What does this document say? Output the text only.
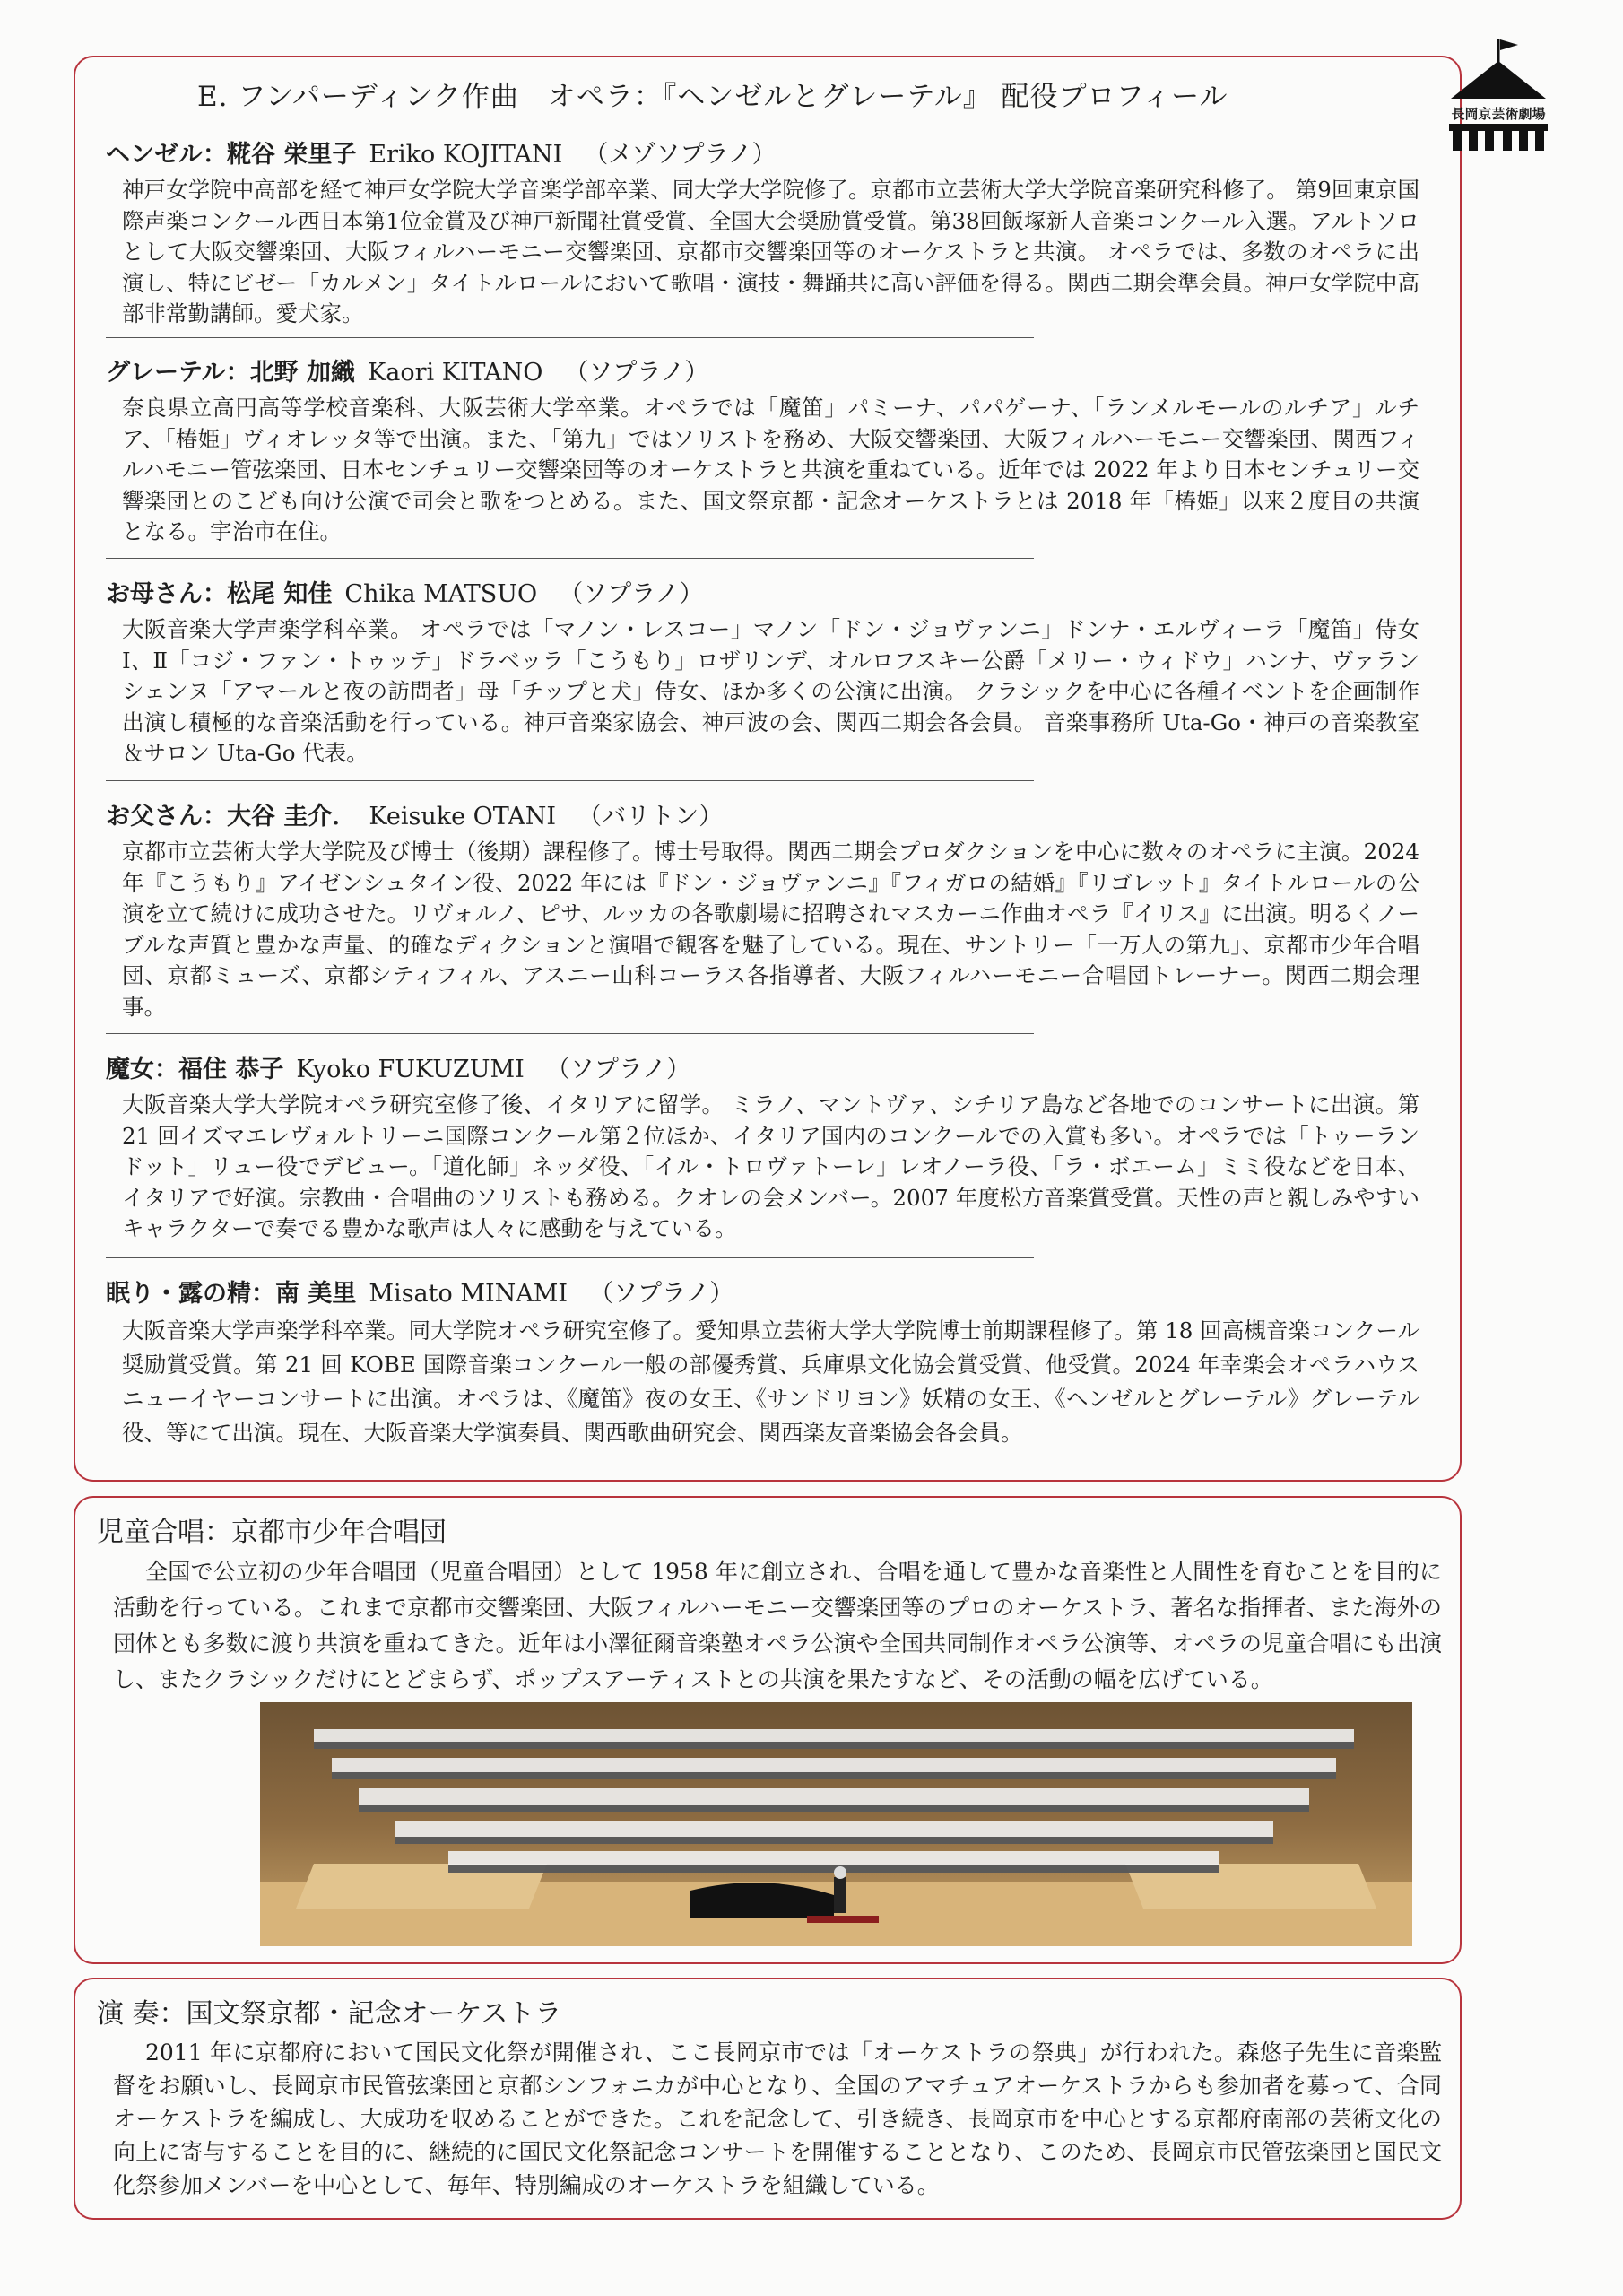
長岡京芸術劇場
E. フンパーディンク作曲　オペラ：『ヘンゼルとグレーテル』 配役プロフィール
ヘンゼル：糀谷 栄里子 Eriko KOJITANI （メゾソプラノ）
神戸女学院中高部を経て神戸女学院大学音楽学部卒業、同大学大学院修了。京都市立芸術大学大学院音楽研究科修了。 第9回東京国際声楽コンクール西日本第1位金賞及び神戸新聞社賞受賞、全国大会奨励賞受賞。第38回飯塚新人音楽コンクール入選。アルトソロとして大阪交響楽団、大阪フィルハーモニー交響楽団、京都市交響楽団等のオーケストラと共演。 オペラでは、多数のオペラに出演し、特にビゼー「カルメン」タイトルロールにおいて歌唱・演技・舞踊共に高い評価を得る。関西二期会準会員。神戸女学院中高部非常勤講師。愛犬家。
グレーテル：北野 加織 Kaori KITANO （ソプラノ）
奈良県立高円高等学校音楽科、大阪芸術大学卒業。オペラでは「魔笛」パミーナ、パパゲーナ、「ランメルモールのルチア」ルチア、「椿姫」ヴィオレッタ等で出演。また、「第九」ではソリストを務め、大阪交響楽団、大阪フィルハーモニー交響楽団、関西フィルハモニー管弦楽団、日本センチュリー交響楽団等のオーケストラと共演を重ねている。近年では 2022 年より日本センチュリー交響楽団とのこども向け公演で司会と歌をつとめる。また、国文祭京都・記念オーケストラとは 2018 年「椿姫」以来２度目の共演となる。宇治市在住。
お母さん：松尾 知佳 Chika MATSUO （ソプラノ）
大阪音楽大学声楽学科卒業。 オペラでは「マノン・レスコー」マノン「ドン・ジョヴァンニ」ドンナ・エルヴィーラ「魔笛」侍女Ⅰ、Ⅱ「コジ・ファン・トゥッテ」ドラベッラ「こうもり」ロザリンデ、オルロフスキー公爵「メリー・ウィドウ」ハンナ、ヴァランシェンヌ「アマールと夜の訪問者」母「チップと犬」侍女、ほか多くの公演に出演。 クラシックを中心に各種イベントを企画制作出演し積極的な音楽活動を行っている。神戸音楽家協会、神戸波の会、関西二期会各会員。 音楽事務所 Uta-Go・神戸の音楽教室＆サロン Uta-Go 代表。
お父さん：大谷 圭介． Keisuke OTANI （バリトン）
京都市立芸術大学大学院及び博士（後期）課程修了。博士号取得。関西二期会プロダクションを中心に数々のオペラに主演。2024 年『こうもり』アイゼンシュタイン役、2022 年には『ドン・ジョヴァンニ』『フィガロの結婚』『リゴレット』タイトルロールの公演を立て続けに成功させた。リヴォルノ、ピサ、ルッカの各歌劇場に招聘されマスカーニ作曲オペラ『イリス』に出演。明るくノーブルな声質と豊かな声量、的確なディクションと演唱で観客を魅了している。現在、サントリー「一万人の第九」、京都市少年合唱団、京都ミューズ、京都シティフィル、アスニー山科コーラス各指導者、大阪フィルハーモニー合唱団トレーナー。関西二期会理事。
魔女：福住 恭子 Kyoko FUKUZUMI （ソプラノ）
大阪音楽大学大学院オペラ研究室修了後、イタリアに留学。 ミラノ、マントヴァ、シチリア島など各地でのコンサートに出演。第 21 回イズマエレヴォルトリーニ国際コンクール第２位ほか、イタリア国内のコンクールでの入賞も多い。オペラでは「トゥーランドット」リュー役でデビュー。「道化師」ネッダ役、「イル・トロヴァトーレ」レオノーラ役、「ラ・ボエーム」ミミ役などを日本、イタリアで好演。宗教曲・合唱曲のソリストも務める。クオレの会メンバー。2007 年度松方音楽賞受賞。天性の声と親しみやすいキャラクターで奏でる豊かな歌声は人々に感動を与えている。
眠り・露の精：南 美里 Misato MINAMI （ソプラノ）
大阪音楽大学声楽学科卒業。同大学院オペラ研究室修了。愛知県立芸術大学大学院博士前期課程修了。第 18 回高槻音楽コンクール奨励賞受賞。第 21 回 KOBE 国際音楽コンクール一般の部優秀賞、兵庫県文化協会賞受賞、他受賞。2024 年幸楽会オペラハウスニューイヤーコンサートに出演。オペラは、《魔笛》夜の女王、《サンドリヨン》妖精の女王、《ヘンゼルとグレーテル》グレーテル役、等にて出演。現在、大阪音楽大学演奏員、関西歌曲研究会、関西楽友音楽協会各会員。
児童合唱：京都市少年合唱団
全国で公立初の少年合唱団（児童合唱団）として 1958 年に創立され、合唱を通して豊かな音楽性と人間性を育むことを目的に活動を行っている。これまで京都市交響楽団、大阪フィルハーモニー交響楽団等のプロのオーケストラ、著名な指揮者、また海外の団体とも多数に渡り共演を重ねてきた。近年は小澤征爾音楽塾オペラ公演や全国共同制作オペラ公演等、オペラの児童合唱にも出演し、またクラシックだけにとどまらず、ポップスアーティストとの共演を果たすなど、その活動の幅を広げている。
演 奏：国文祭京都・記念オーケストラ
2011 年に京都府において国民文化祭が開催され、ここ長岡京市では「オーケストラの祭典」が行われた。森悠子先生に音楽監督をお願いし、長岡京市民管弦楽団と京都シンフォニカが中心となり、全国のアマチュアオーケストラからも参加者を募って、合同オーケストラを編成し、大成功を収めることができた。これを記念して、引き続き、長岡京市を中心とする京都府南部の芸術文化の向上に寄与することを目的に、継続的に国民文化祭記念コンサートを開催することとなり、このため、長岡京市民管弦楽団と国民文化祭参加メンバーを中心として、毎年、特別編成のオーケストラを組織している。
